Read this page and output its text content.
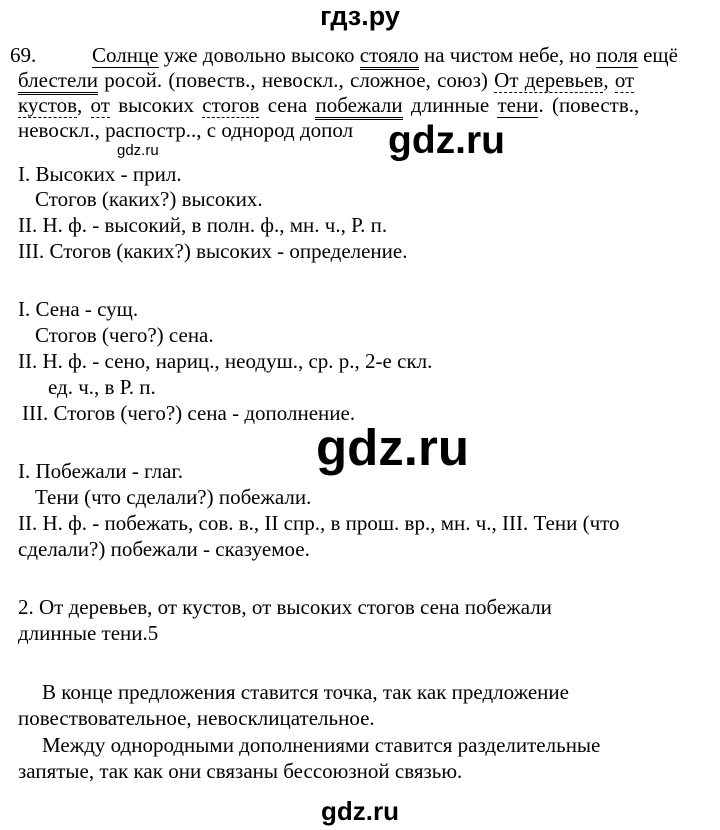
гдз.ру
69.	Солнце уже довольно высоко стояло на чистом небе, но поля ещё
блестели росой. (повеств., невоскл., сложное, союз) От деревьев, от
кустов, от высоких стогов сена побежали длинные тени. (повеств.,
невоскл., распостр.., с однород допол
gdz.ru	gdz.ru
gdz.ru
I. Высоких - прил.
Стогов (каких?) высоких.
II. Н. ф. - высокий, в полн. ф., мн. ч., Р. п.
III. Стогов (каких?) высоких - определение.
I. Сена - сущ.
Стогов (чего?) сена.
II. Н. ф. - сено, нариц., неодуш., ср. р., 2-е скл.
ед. ч., в Р. п.
III. Стогов (чего?) сена - дополнение.
I. Побежали - глаг.
Тени (что сделали?) побежали.
II. Н. ф. - побежать, сов. в., II спр., в прош. вр., мн. ч., III. Тени (что
сделали?) побежали - сказуемое.
2. От деревьев, от кустов, от высоких стогов сена побежали
длинные тени.5
В конце предложения ставится точка, так как предложение
повествовательное, невосклицательное.
Между однородными дополнениями ставится разделительные
запятые, так как они связаны бессоюзной связью.
gdz.ru
